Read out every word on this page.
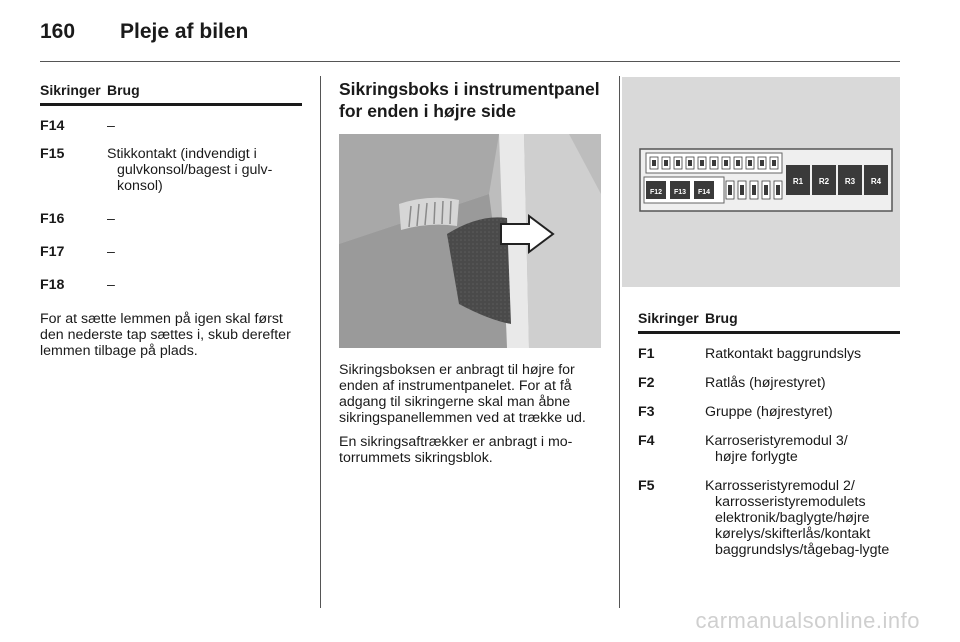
160 Pleje af bilen
Sikringer Brug
F14	–
F15	Stikkontakt (indvendigt i
gulvkonsol/bagest i gulv-konsol)
F16	–
F17	–
F18	–
For at sætte lemmen på igen skal først den nederste tap sættes i, skub derefter lemmen tilbage på plads.
Sikringsboks i instrumentpanel for enden i højre side
Sikringsboksen er anbragt til højre for enden af instrumentpanelet. For at få adgang til sikringerne skal man åbne sikringspanellemmen ved at trække ud.
En sikringsaftrækker er anbragt i mo-torrummets sikringsblok.
F12 F13 F14
R1 R2 R3 R4
Sikringer Brug
F1	Ratkontakt baggrundslys
F2	Ratlås (højrestyret)
F3	Gruppe (højrestyret)
F4	Karroseristyremodul 3/
højre forlygte
F5	Karrosseristyremodul 2/
karrosseristyremodulets elektronik/baglygte/højre kørelys/skifterlås/kontakt baggrundslys/tågebag-lygte
carmanualsonline.info
